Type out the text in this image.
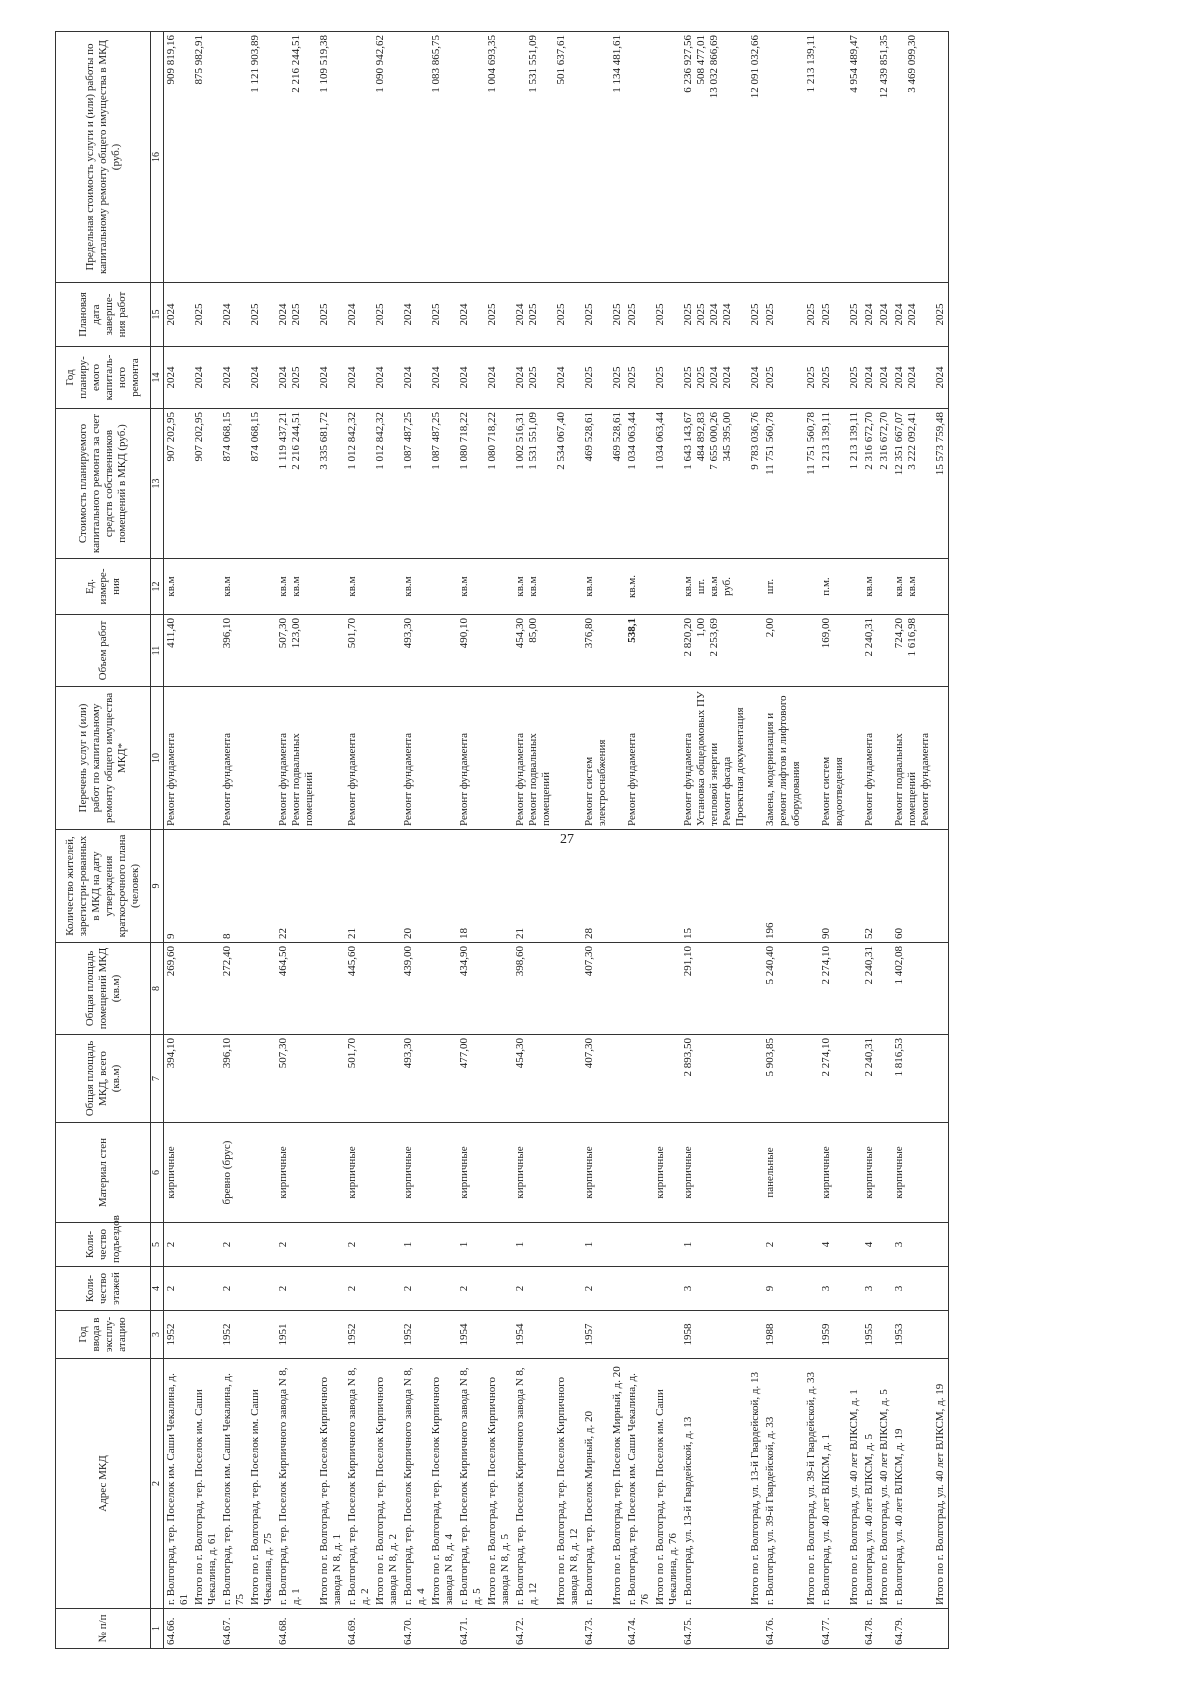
27
№ п/п	Адрес МКД	Год ввода в эксплу-атацию	Коли-чество этажей	Коли-чество подъездов	Материал стен	Общая площадь МКД, всего (кв.м)	Общая площадь помещений МКД (кв.м)	Количество жителей, зарегистри-рованных в МКД на дату утверждения краткосрочного плана (человек)	Перечень услуг и (или) работ по капитальному ремонту общего имущества МКД*	Объем работ	Ед. измере-ния	Стоимость планируемого капитального ремонта за счет средств собственников помещений в МКД (руб.)	Год планиру-емого капиталь-ного ремонта	Плановая дата заверше-ния работ	Предельная стоимость услуги и (или) работы по капитальному ремонту общего имущества в МКД (руб.)
1	2	3	4	5	6	7	8	9	10	11	12	13	14	15	16
64.66.	г. Волгоград, тер. Поселок им. Саши Чекалина, д. 61	1952	2	2	кирпичные	394,10	269,60	9	Ремонт фундамента	411,40	кв.м	907 202,95	2024	2024	909 819,16

	Итого по г. Волгоград, тер. Поселок им. Саши Чекалина, д. 61											907 202,95	2024	2025	875 982,91

64.67.	г. Волгоград, тер. Поселок им. Саши Чекалина, д. 75	1952	2	2	бревно (брус)	396,10	272,40	8	Ремонт фундамента	396,10	кв.м	874 068,15	2024	2024	

	Итого по г. Волгоград, тер. Поселок им. Саши Чекалина, д. 75											874 068,15	2024	2025	1 121 903,89

64.68.	г. Волгоград, тер. Поселок Кирпичного завода N 8, д. 1	1951	2	2	кирпичные	507,30	464,50	22	Ремонт фундамента Ремонт подвальных помещений	507,30 123,00	кв.м кв.м	1 119 437,21 2 216 244,51	2024 2025	2024 2025	2 216 244,51

	Итого по г. Волгоград, тер. Поселок Кирпичного завода N 8, д. 1											3 335 681,72	2024	2025	1 109 519,38

64.69.	г. Волгоград, тер. Поселок Кирпичного завода N 8, д. 2	1952	2	2	кирпичные	501,70	445,60	21	Ремонт фундамента	501,70	кв.м	1 012 842,32	2024	2024	

	Итого по г. Волгоград, тер. Поселок Кирпичного завода N 8, д. 2											1 012 842,32	2024	2025	1 090 942,62

64.70.	г. Волгоград, тер. Поселок Кирпичного завода N 8, д. 4	1952	2	1	кирпичные	493,30	439,00	20	Ремонт фундамента	493,30	кв.м	1 087 487,25	2024	2024	

	Итого по г. Волгоград, тер. Поселок Кирпичного завода N 8, д. 4											1 087 487,25	2024	2025	1 083 865,75

64.71.	г. Волгоград, тер. Поселок Кирпичного завода N 8, д. 5	1954	2	1	кирпичные	477,00	434,90	18	Ремонт фундамента	490,10	кв.м	1 080 718,22	2024	2024	

	Итого по г. Волгоград, тер. Поселок Кирпичного завода N 8, д. 5											1 080 718,22	2024	2025	1 004 693,35

64.72.	г. Волгоград, тер. Поселок Кирпичного завода N 8, д. 12	1954	2	1	кирпичные	454,30	398,60	21	Ремонт фундамента Ремонт подвальных помещений	454,30 85,00	кв.м кв.м	1 002 516,31 1 531 551,09	2024 2025	2024 2025	1 531 551,09

	Итого по г. Волгоград, тер. Поселок Кирпичного завода N 8, д. 12											2 534 067,40	2024	2025	501 637,61

64.73.	г. Волгоград, тер. Поселок Мирный, д. 20	1957	2	1	кирпичные	407,30	407,30	28	Ремонт систем электроснабжения	376,80	кв.м	469 528,61	2025	2025	

	Итого по г. Волгоград, тер. Поселок Мирный, д. 20											469 528,61	2025	2025	1 134 481,61

64.74.	г. Волгоград, тер. Поселок им. Саши Чекалина, д. 76								Ремонт фундамента	538,1	кв.м.	1 034 063,44	2025	2025	

	Итого по г. Волгоград, тер. Поселок им. Саши Чекалина, д. 76				кирпичные							1 034 063,44	2025	2025	

64.75.	г. Волгоград, ул. 13-й Гвардейской, д. 13	1958	3	1	кирпичные	2 893,50	291,10	15	Ремонт фундамента Установка общедомовых ПУ тепловой энергии Ремонт фасада Проектная документация	2 820,20 1,00 2 253,69	кв.м шт. кв.м руб.	1 643 143,67 484 892,83 7 655 000,26 345 395,00	2025 2025 2024 2024	2025 2025 2024 2024	6 236 927,56 508 477,01 13 032 866,69

	Итого по г. Волгоград, ул. 13-й Гвардейской, д. 13											9 783 036,76	2024	2025	12 091 032,66

64.76.	г. Волгоград, ул. 39-й Гвардейской, д. 33	1988	9	2	панельные	5 903,85	5 240,40	196	Замена, модернизация и ремонт лифтов и лифтового оборудования	2,00	шт.	11 751 560,78	2025	2025	

	Итого по г. Волгоград, ул. 39-й Гвардейской, д. 33											11 751 560,78	2025	2025	1 213 139,11

64.77.	г. Волгоград, ул. 40 лет ВЛКСМ, д. 1	1959	3	4	кирпичные	2 274,10	2 274,10	90	Ремонт систем водоотведения	169,00	п.м.	1 213 139,11	2025	2025	

	Итого по г. Волгоград, ул. 40 лет ВЛКСМ, д. 1											1 213 139,11	2025	2025	4 954 489,47

64.78.	г. Волгоград, ул. 40 лет ВЛКСМ, д. 5	1955	3	4	кирпичные	2 240,31	2 240,31	52	Ремонт фундамента	2 240,31	кв.м	2 316 672,70	2024	2024	

	Итого по г. Волгоград, ул. 40 лет ВЛКСМ, д. 5											2 316 672,70	2024	2024	12 439 851,35

64.79.	г. Волгоград, ул. 40 лет ВЛКСМ, д. 19	1953	3	3	кирпичные	1 816,53	1 402,08	60	Ремонт подвальных помещений Ремонт фундамента	724,20 1 616,98	кв.м кв.м	12 351 667,07 3 222 092,41	2024 2024	2024 2024	3 469 099,30

	Итого по г. Волгоград, ул. 40 лет ВЛКСМ, д. 19											15 573 759,48	2024	2025	
